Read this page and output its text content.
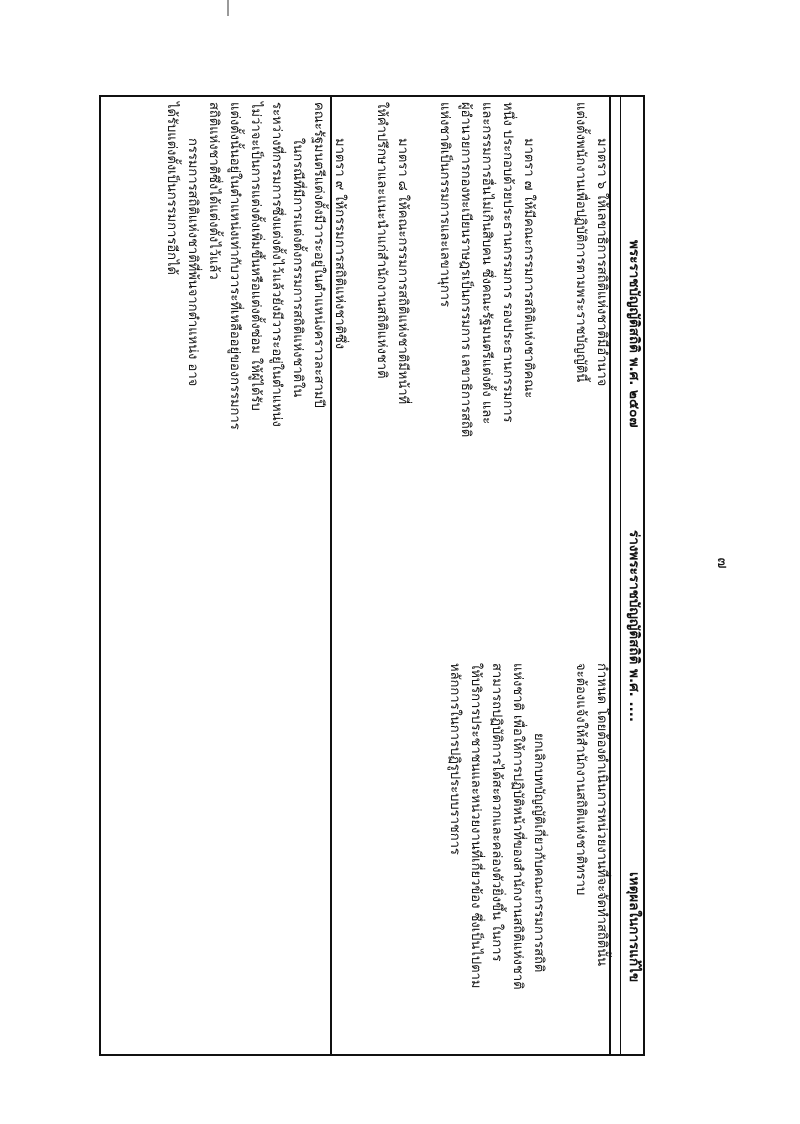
๗
พระราชบัญญัติสถิติ พ.ศ. ๒๕๐๗
ร่างพระราชบัญญัติสถิติ พ.ศ. ....
เหตุผลในการแก้ไข
มาตรา ๖ ให้เลขาธิการสถิติแห่งชาติมีอำนาจ
แต่งตั้งพนักงานเพื่อปฏิบัติการตามพระราชบัญญัตินี้

มาตรา ๗ ให้มีคณะกรรมการสถิติแห่งชาติคณะ
หนึ่ง ประกอบด้วยประธานกรรมการ รองประธานกรรมการ
และกรรมการอื่นไม่เกินสิบคน ซึ่งคณะรัฐมนตรีแต่งตั้ง และ
ผู้อำนวยการกองทะเบียนราษฎรเป็นกรรมการ เลขาธิการสถิติ
แห่งชาติเป็นกรรมการและเลขานุการ

มาตรา ๘ ให้คณะกรรมการสถิติแห่งชาติมีหน้าที่
ให้คำปรึกษาและแนะนำแก่สำนักงานสถิติแห่งชาติ

มาตรา ๙ ให้กรรมการสถิติแห่งชาติซึ่ง
คณะรัฐมนตรีแต่งตั้งมีวาระอยู่ในตำแหน่งคราวละสามปี
ในกรณีที่มีการแต่งตั้งกรรมการสถิติแห่งชาติใน
ระหว่างที่กรรมการซึ่งแต่งตั้งไว้แล้วยังมีวาระอยู่ในตำแหน่ง
ไม่ว่าจะเป็นการแต่งตั้งเพิ่มขึ้นหรือแต่งตั้งซ่อม ให้ผู้ได้รับ
แต่งตั้งนั้นอยู่ในตำแหน่งเท่ากับวาระที่เหลืออยู่ของกรรมการ
สถิติแห่งชาติซึ่งได้แต่งตั้งไว้แล้ว
กรรมการสถิติแห่งชาติที่พ้นจากตำแหน่ง อาจ
ได้รับแต่งตั้งเป็นกรรมการอีกได้
กำหนด โดยต้องดำเนินการหน่วยงานที่จะจัดทำสถิตินั้น
จะต้องแจ้งให้สำนักงานสถิติแห่งชาติทราบ

ยกเลิกบทบัญญัติเกี่ยวกับคณะกรรมการสถิติ
แห่งชาติ เพื่อให้การปฏิบัติหน้าที่ของสำนักงานสถิติแห่งชาติ
สามารถปฏิบัติการได้สะดวกและคล่องตัวยิ่งขึ้น ในการ
ให้บริการประชาชนและหน่วยงานที่เกี่ยวข้อง ซึ่งเป็นไปตาม
หลักการในการปฏิรูประบบราชการ
